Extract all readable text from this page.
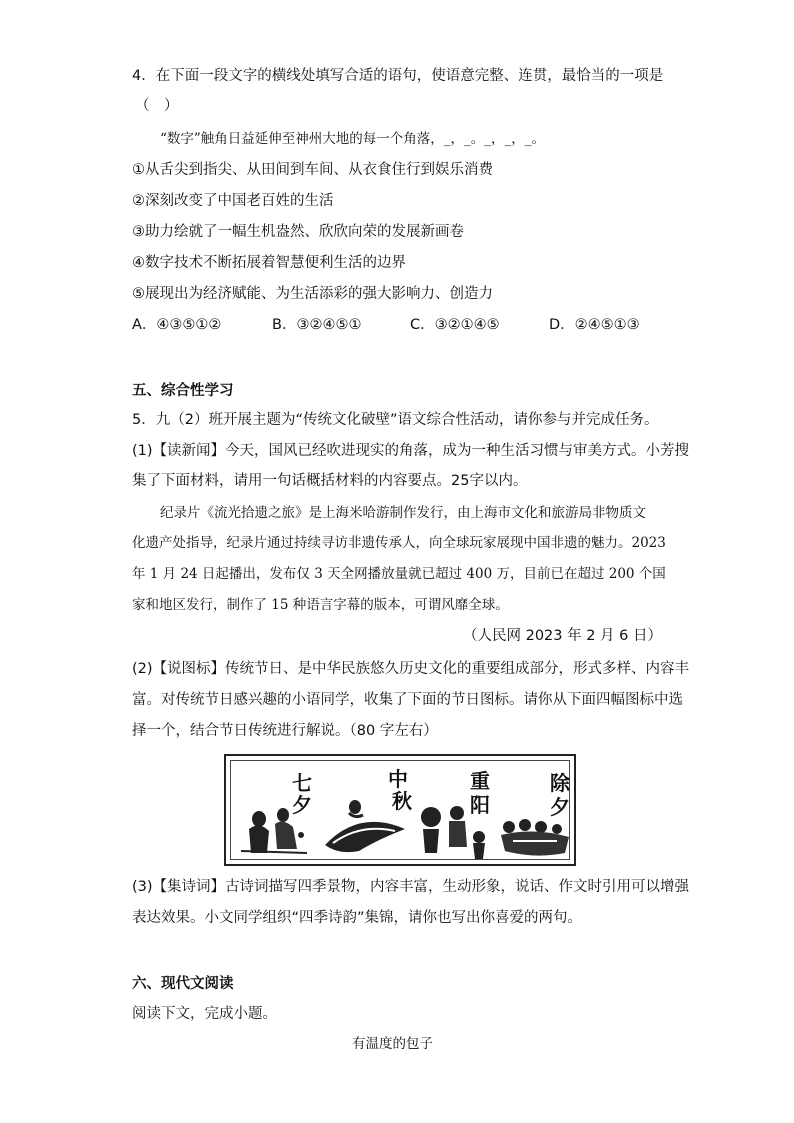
4．在下面一段文字的横线处填写合适的语句，使语意完整、连贯，最恰当的一项是
（　）
“数字”触角日益延伸至神州大地的每一个角落，_，_。_，_，_。
①从舌尖到指尖、从田间到车间、从衣食住行到娱乐消费
②深刻改变了中国老百姓的生活
③助力绘就了一幅生机盎然、欣欣向荣的发展新画卷
④数字技术不断拓展着智慧便利生活的边界
⑤展现出为经济赋能、为生活添彩的强大影响力、创造力
A．④③⑤①②	B．③②④⑤①	C．③②①④⑤	D．②④⑤①③
五、综合性学习
5．九（2）班开展主题为“传统文化破壁”语文综合性活动，请你参与并完成任务。
(1)【读新闻】今天，国风已经吹进现实的角落，成为一种生活习惯与审美方式。小芳搜
集了下面材料，请用一句话概括材料的内容要点。25字以内。
纪录片《流光拾遗之旅》是上海米哈游制作发行，由上海市文化和旅游局非物质文
化遗产处指导，纪录片通过持续寻访非遗传承人，向全球玩家展现中国非遗的魅力。2023
年 1 月 24 日起播出，发布仅 3 天全网播放量就已超过 400 万，目前已在超过 200 个国
家和地区发行，制作了 15 种语言字幕的版本，可谓风靡全球。
（人民网 2023 年 2 月 6 日）
(2)【说图标】传统节日、是中华民族悠久历史文化的重要组成部分，形式多样、内容丰
富。对传统节日感兴趣的小语同学，收集了下面的节日图标。请你从下面四幅图标中选
择一个，结合节日传统进行解说。（80 字左右）
七
夕
中
秋
重
阳
除
夕
(3)【集诗词】古诗词描写四季景物，内容丰富，生动形象，说话、作文时引用可以增强
表达效果。小文同学组织“四季诗韵”集锦，请你也写出你喜爱的两句。
六、现代文阅读
阅读下文，完成小题。
有温度的包子
